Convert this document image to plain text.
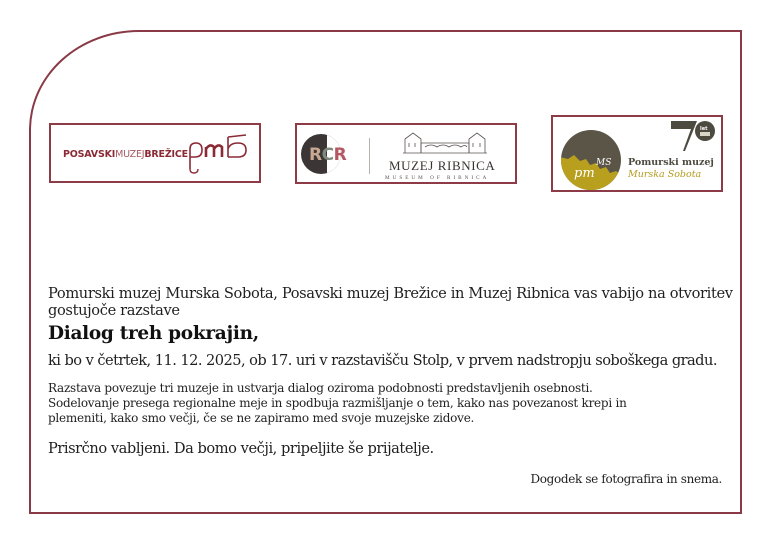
POSAVSKIMUZEJBREŽICE	RCR
MUZEJ RIBNICA
MUSEUM OF RIBNICA	pm
MS
let
Pomurski muzej
Murska Sobota
Pomurski muzej Murska Sobota, Posavski muzej Brežice in Muzej Ribnica vas vabijo na otvoritev gostujoče razstave
Dialog treh pokrajin,
ki bo v četrtek, 11. 12. 2025, ob 17. uri v razstavišču Stolp, v prvem nadstropju soboškega gradu.
Razstava povezuje tri muzeje in ustvarja dialog oziroma podobnosti predstavljenih osebnosti.
Sodelovanje presega regionalne meje in spodbuja razmišljanje o tem, kako nas povezanost krepi in
plemeniti, kako smo večji, če se ne zapiramo med svoje muzejske zidove.
Prisrčno vabljeni. Da bomo večji, pripeljite še prijatelje.
Dogodek se fotografira in snema.
